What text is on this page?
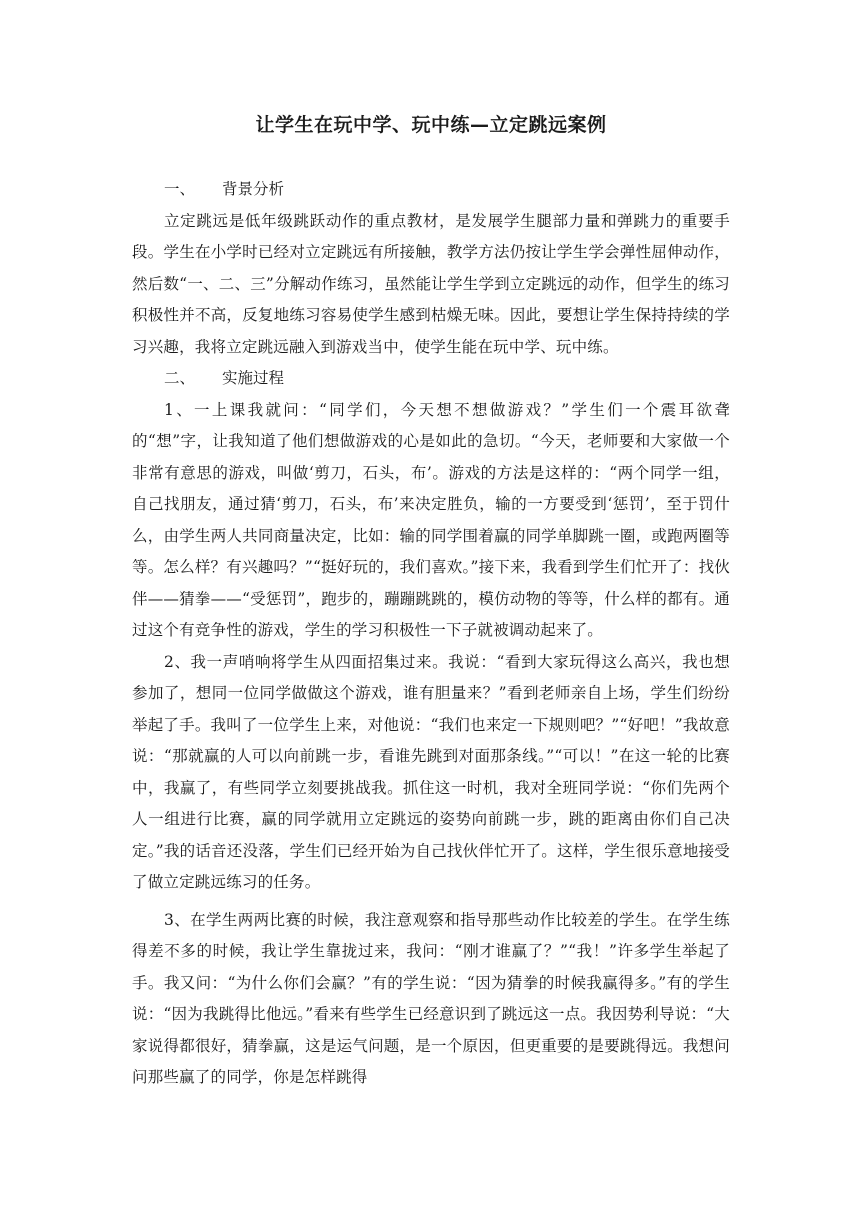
让学生在玩中学、玩中练—立定跳远案例

一、 背景分析

立定跳远是低年级跳跃动作的重点教材，是发展学生腿部力量和弹跳力的重要手段。学生在小学时已经对立定跳远有所接触，教学方法仍按让学生学会弹性屈伸动作，然后数“一、二、三”分解动作练习，虽然能让学生学到立定跳远的动作，但学生的练习积极性并不高，反复地练习容易使学生感到枯燥无味。因此，要想让学生保持持续的学习兴趣，我将立定跳远融入到游戏当中，使学生能在玩中学、玩中练。

二、 实施过程

1、一上课我就问：“同学们，今天想不想做游戏？”学生们一个震耳欲聋的“想”字，让我知道了他们想做游戏的心是如此的急切。“今天，老师要和大家做一个非常有意思的游戏，叫做‘剪刀，石头，布’。游戏的方法是这样的：“两个同学一组，自己找朋友，通过猜‘剪刀，石头，布’来决定胜负，输的一方要受到‘惩罚’，至于罚什么，由学生两人共同商量决定，比如：输的同学围着赢的同学单脚跳一圈，或跑两圈等等。怎么样？有兴趣吗？”“挺好玩的，我们喜欢。”接下来，我看到学生们忙开了：找伙伴——猜拳——“受惩罚”，跑步的，蹦蹦跳跳的，模仿动物的等等，什么样的都有。通过这个有竞争性的游戏，学生的学习积极性一下子就被调动起来了。

2、我一声哨响将学生从四面招集过来。我说：“看到大家玩得这么高兴，我也想参加了，想同一位同学做做这个游戏，谁有胆量来？”看到老师亲自上场，学生们纷纷举起了手。我叫了一位学生上来，对他说：“我们也来定一下规则吧？”“好吧！”我故意说：“那就赢的人可以向前跳一步，看谁先跳到对面那条线。”“可以！”在这一轮的比赛中，我赢了，有些同学立刻要挑战我。抓住这一时机，我对全班同学说：“你们先两个人一组进行比赛，赢的同学就用立定跳远的姿势向前跳一步，跳的距离由你们自己决定。”我的话音还没落，学生们已经开始为自己找伙伴忙开了。这样，学生很乐意地接受了做立定跳远练习的任务。

3、在学生两两比赛的时候，我注意观察和指导那些动作比较差的学生。在学生练得差不多的时候，我让学生靠拢过来，我问：“刚才谁赢了？”“我！”许多学生举起了手。我又问：“为什么你们会赢？”有的学生说：“因为猜拳的时候我赢得多。”有的学生说：“因为我跳得比他远。”看来有些学生已经意识到了跳远这一点。我因势利导说：“大家说得都很好，猜拳赢，这是运气问题，是一个原因，但更重要的是要跳得远。我想问问那些赢了的同学，你是怎样跳得
